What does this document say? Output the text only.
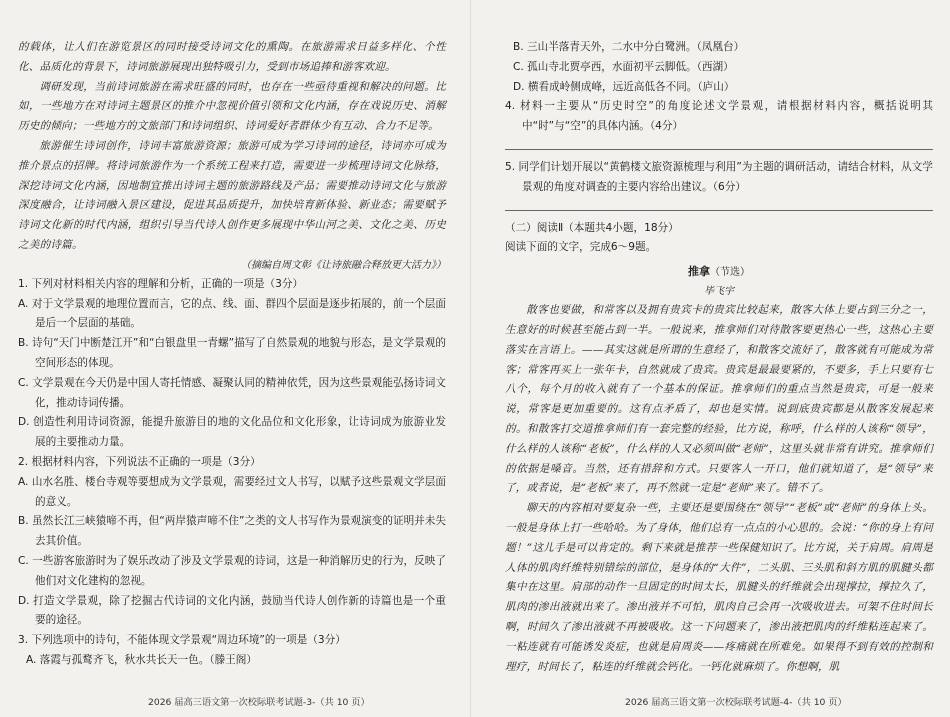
的载体，让人们在游览景区的同时接受诗词文化的熏陶。在旅游需求日益多样化、个性化、品质化的背景下，诗词旅游展现出独特吸引力，受到市场追捧和游客欢迎。

调研发现，当前诗词旅游在需求旺盛的同时，也存在一些亟待重视和解决的问题。比如，一些地方在对诗词主题景区的推介中忽视价值引领和文化内涵，存在戏说历史、消解历史的倾向；一些地方的文旅部门和诗词组织、诗词爱好者群体少有互动、合力不足等。

旅游催生诗词创作，诗词丰富旅游资源；旅游可成为学习诗词的途径，诗词亦可成为推介景点的招牌。将诗词旅游作为一个系统工程来打造，需要进一步梳理诗词文化脉络，深挖诗词文化内涵，因地制宜推出诗词主题的旅游路线及产品；需要推动诗词文化与旅游深度融合，让诗词融入景区建设，促进其品质提升，加快培育新体验、新业态；需要赋予诗词文化新的时代内涵，组织引导当代诗人创作更多展现中华山河之美、文化之美、历史之美的诗篇。

（摘编自周文彰《让诗旅融合释放更大活力》）

1. 下列对材料相关内容的理解和分析，正确的一项是（3分）

A. 对于文学景观的地理位置而言，它的点、线、面、群四个层面是逐步拓展的，前一个层面是后一个层面的基础。

B. 诗句“天门中断楚江开”和“白银盘里一青螺”描写了自然景观的地貌与形态，是文学景观的空间形态的体现。

C. 文学景观在今天仍是中国人寄托情感、凝聚认同的精神依凭，因为这些景观能弘扬诗词文化，推动诗词传播。

D. 创造性利用诗词资源，能提升旅游目的地的文化品位和文化形象，让诗词成为旅游业发展的主要推动力量。

2. 根据材料内容，下列说法不正确的一项是（3分）

A. 山水名胜、楼台寺观等要想成为文学景观，需要经过文人书写，以赋予这些景观文学层面的意义。

B. 虽然长江三峡猿啼不再，但“两岸猿声啼不住”之类的文人书写作为景观演变的证明并未失去其价值。

C. 一些游客旅游时为了娱乐改动了涉及文学景观的诗词，这是一种消解历史的行为，反映了他们对文化建构的忽视。

D. 打造文学景观，除了挖掘古代诗词的文化内涵，鼓励当代诗人创作新的诗篇也是一个重要的途径。

3. 下列选项中的诗句，不能体现文学景观“周边环境”的一项是（3分）

A. 落霞与孤鹜齐飞，秋水共长天一色。（滕王阁）

2026 届高三语文第一次校际联考试题-3-（共 10 页）

B. 三山半落青天外，二水中分白鹭洲。（凤凰台）

C. 孤山寺北贾亭西，水面初平云脚低。（西湖）

D. 横看成岭侧成峰，远近高低各不同。（庐山）

4. 材料一主要从“历史时空”的角度论述文学景观，请根据材料内容，概括说明其中“时”与“空”的具体内涵。（4分）

5. 同学们计划开展以“黄鹤楼文旅资源梳理与利用”为主题的调研活动，请结合材料，从文学景观的角度对调查的主要内容给出建议。（6分）

（二）阅读Ⅱ（本题共4小题，18分）

阅读下面的文字，完成6～9题。

推拿（节选）
毕飞宇

散客也要做，和常客以及拥有贵宾卡的贵宾比较起来，散客大体上要占到三分之一，生意好的时候甚至能占到一半。一般说来，推拿师们对待散客要更热心一些，这热心主要落实在言语上。——其实这就是所谓的生意经了，和散客交流好了，散客就有可能成为常客；常客再买上一张年卡，自然就成了贵宾。贵宾是最最要紧的，不要多，手上只要有七八个，每个月的收入就有了一个基本的保证。推拿师们的重点当然是贵宾，可是一般来说，常客是更加重要的。这有点矛盾了，却也是实情。说到底贵宾都是从散客发展起来的。和散客打交道推拿师们有一套完整的经验，比方说，称呼，什么样的人该称“领导”，什么样的人该称“老板”，什么样的人又必须叫做“老师”，这里头就非常有讲究。推拿师们的依据是嗓音。当然，还有措辞和方式。只要客人一开口，他们就知道了，是“领导”来了，或者说，是“老板”来了，再不然就一定是“老师”来了。错不了。

聊天的内容相对要复杂一些，主要还是要围绕在“领导”“老板”或“老师”的身体上头。一般是身体上打一些哈哈。为了身体，他们总有一点点的小心思的。会说：“你的身上有问题！”这儿手是可以肯定的。剩下来就是推荐一些保健知识了。比方说，关于肩周。肩周是人体的肌肉纤维特别错综的部位，是身体的“大件”，二头肌、三头肌和斜方肌的肌腱头都集中在这里。肩部的动作一旦固定的时间太长，肌腱头的纤维就会出现撑拉，撑拉久了，肌肉的渗出液就出来了。渗出液并不可怕，肌肉自己会再一次吸收进去。可架不住时间长啊，时间久了渗出液就不再被吸收。这一下问题来了，渗出液把肌肉的纤维粘连起来了。一粘连就有可能诱发炎症，也就是肩周炎——疼痛就在所难免。如果得不到有效的控制和理疗，时间长了，粘连的纤维就会钙化。一钙化就麻烦了。你想啊，肌

2026 届高三语文第一次校际联考试题-4-（共 10 页）
